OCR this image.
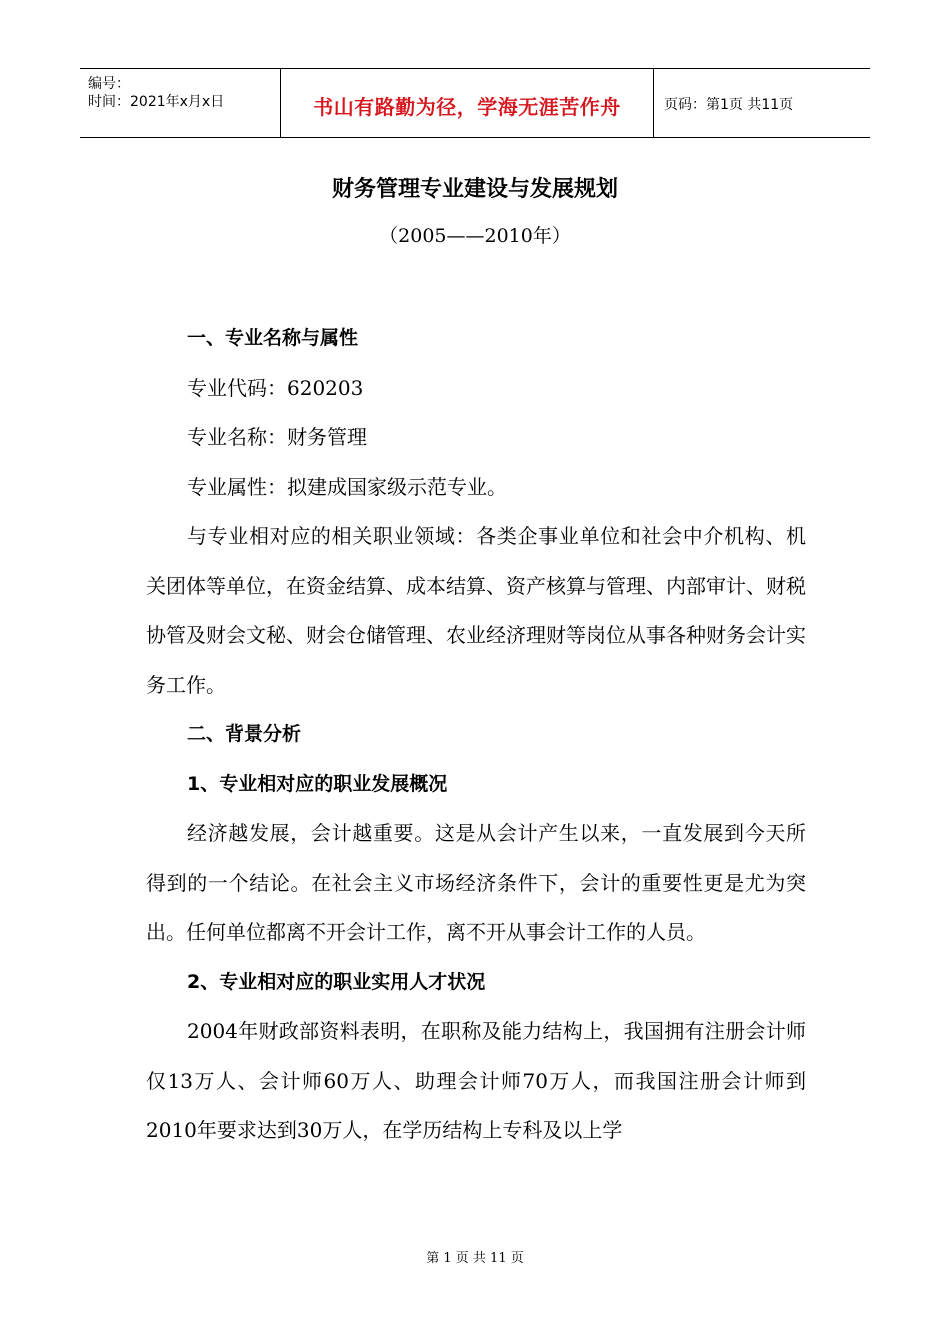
编号：
时间：2021年x月x日	书山有路勤为径，学海无涯苦作舟	页码：第1页 共11页
财务管理专业建设与发展规划
（2005——2010年）

一、专业名称与属性

专业代码：620203

专业名称：财务管理

专业属性：拟建成国家级示范专业。

与专业相对应的相关职业领域：各类企事业单位和社会中介机构、机关团体等单位，在资金结算、成本结算、资产核算与管理、内部审计、财税协管及财会文秘、财会仓储管理、农业经济理财等岗位从事各种财务会计实务工作。

二、背景分析

1、专业相对应的职业发展概况

经济越发展，会计越重要。这是从会计产生以来，一直发展到今天所得到的一个结论。在社会主义市场经济条件下，会计的重要性更是尤为突出。任何单位都离不开会计工作，离不开从事会计工作的人员。

2、专业相对应的职业实用人才状况

2004年财政部资料表明，在职称及能力结构上，我国拥有注册会计师仅13万人、会计师60万人、助理会计师70万人，而我国注册会计师到2010年要求达到30万人，在学历结构上专科及以上学

第 1 页 共 11 页
